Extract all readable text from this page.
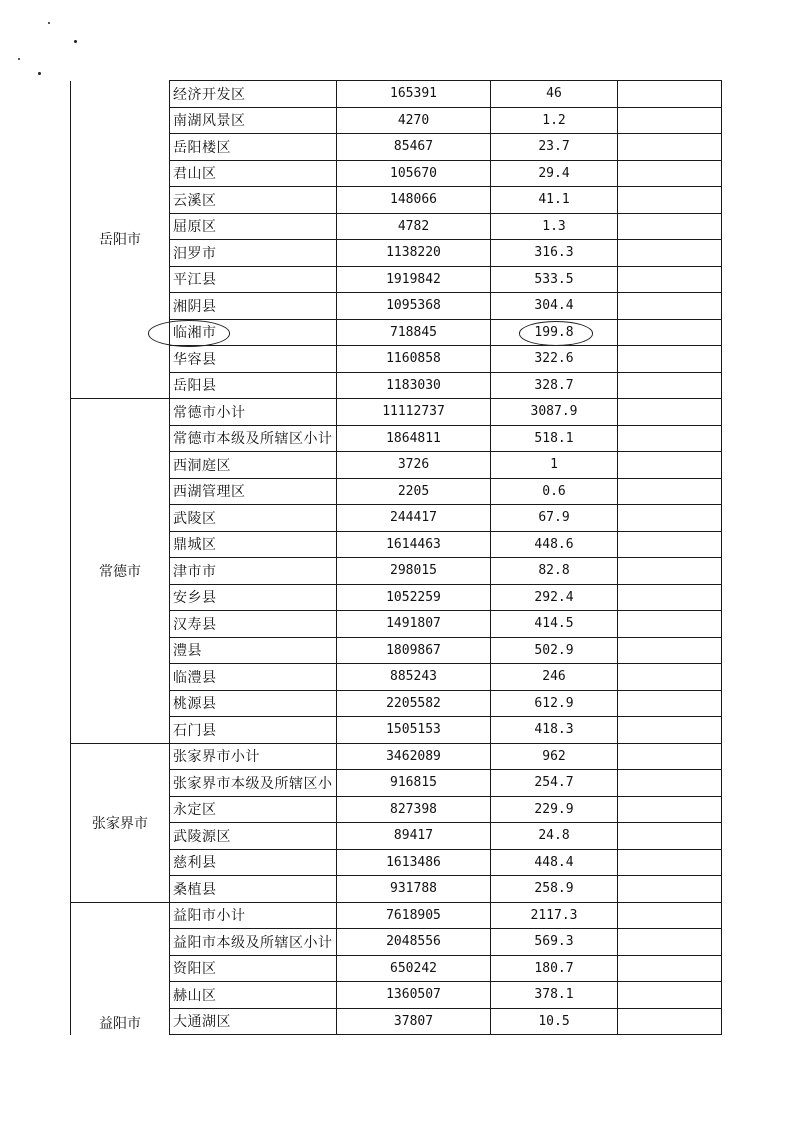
岳阳市	经济开发区	165391	46	
	南湖风景区	4270	1.2	
	岳阳楼区	85467	23.7	
	君山区	105670	29.4	
	云溪区	148066	41.1	
	屈原区	4782	1.3	
	汨罗市	1138220	316.3	
	平江县	1919842	533.5	
	湘阴县	1095368	304.4	
	临湘市	718845	199.8	
	华容县	1160858	322.6	
	岳阳县	1183030	328.7	
常德市	常德市小计	11112737	3087.9	
	常德市本级及所辖区小计	1864811	518.1	
	西洞庭区	3726	1	
	西湖管理区	2205	0.6	
	武陵区	244417	67.9	
	鼎城区	1614463	448.6	
	津市市	298015	82.8	
	安乡县	1052259	292.4	
	汉寿县	1491807	414.5	
	澧县	1809867	502.9	
	临澧县	885243	246	
	桃源县	2205582	612.9	
	石门县	1505153	418.3	
张家界市	张家界市小计	3462089	962	
	张家界市本级及所辖区小	916815	254.7	
	永定区	827398	229.9	
	武陵源区	89417	24.8	
	慈利县	1613486	448.4	
	桑植县	931788	258.9	
益阳市	益阳市小计	7618905	2117.3	
	益阳市本级及所辖区小计	2048556	569.3	
	资阳区	650242	180.7	
	赫山区	1360507	378.1	
	大通湖区	37807	10.5	
